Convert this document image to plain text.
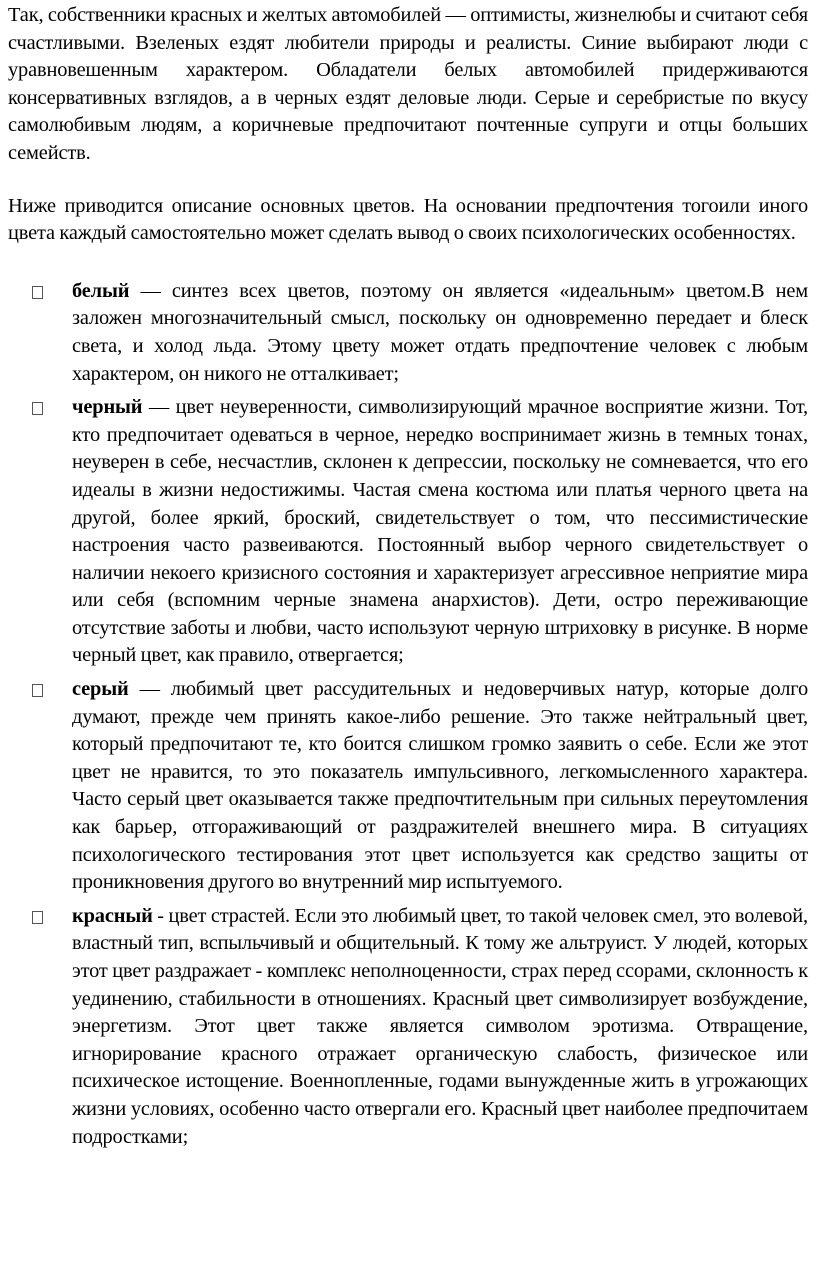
Так, собственники красных и желтых автомобилей — оптимисты, жизнелюбы и считают себя счастливыми. Взеленых ездят любители природы и реалисты. Синие выбирают люди с уравновешенным характером. Обладатели белых автомобилей придерживаются консервативных взглядов, а в черных ездят деловые люди. Серые и серебристые по вкусу самолюбивым людям, а коричневые предпочитают почтенные супруги и отцы больших семейств.

Ниже приводится описание основных цветов. На основании предпочтения тогоили иного цвета каждый самостоятельно может сделать вывод о своих психологических особенностях.

белый — синтез всех цветов, поэтому он является «идеальным» цветом.В нем заложен многозначительный смысл, поскольку он одновременно передает и блеск света, и холод льда. Этому цвету может отдать предпочтение человек с любым характером, он никого не отталкивает;

черный — цвет неуверенности, символизирующий мрачное восприятие жизни. Тот, кто предпочитает одеваться в черное, нередко воспринимает жизнь в темных тонах, неуверен в себе, несчастлив, склонен к депрессии, поскольку не сомневается, что его идеалы в жизни недостижимы. Частая смена костюма или платья черного цвета на другой, более яркий, броский, свидетельствует о том, что пессимистические настроения часто развеиваются. Постоянный выбор черного свидетельствует о наличии некоего кризисного состояния и характеризует агрессивное неприятие мира или себя (вспомним черные знамена анархистов). Дети, остро переживающие отсутствие заботы и любви, часто используют черную штриховку в рисунке. В норме черный цвет, как правило, отвергается;

серый — любимый цвет рассудительных и недоверчивых натур, которые долго думают, прежде чем принять какое-либо решение. Это также нейтральный цвет, который предпочитают те, кто боится слишком громко заявить о себе. Если же этот цвет не нравится, то это показатель импульсивного, легкомысленного характера. Часто серый цвет оказывается также предпочтительным при сильных переутомления как барьер, отгораживающий от раздражителей внешнего мира. В ситуациях психологического тестирования этот цвет используется как средство защиты от проникновения другого во внутренний мир испытуемого.

красный - цвет страстей. Если это любимый цвет, то такой человек смел, это волевой, властный тип, вспыльчивый и общительный. К тому же альтруист. У людей, которых этот цвет раздражает - комплекс неполноценности, страх перед ссорами, склонность к уединению, стабильности в отношениях. Красный цвет символизирует возбуждение, энергетизм. Этот цвет также является символом эротизма. Отвращение, игнорирование красного отражает органическую слабость, физическое или психическое истощение. Военнопленные, годами вынужденные жить в угрожающих жизни условиях, особенно часто отвергали его. Красный цвет наиболее предпочитаем подростками;
